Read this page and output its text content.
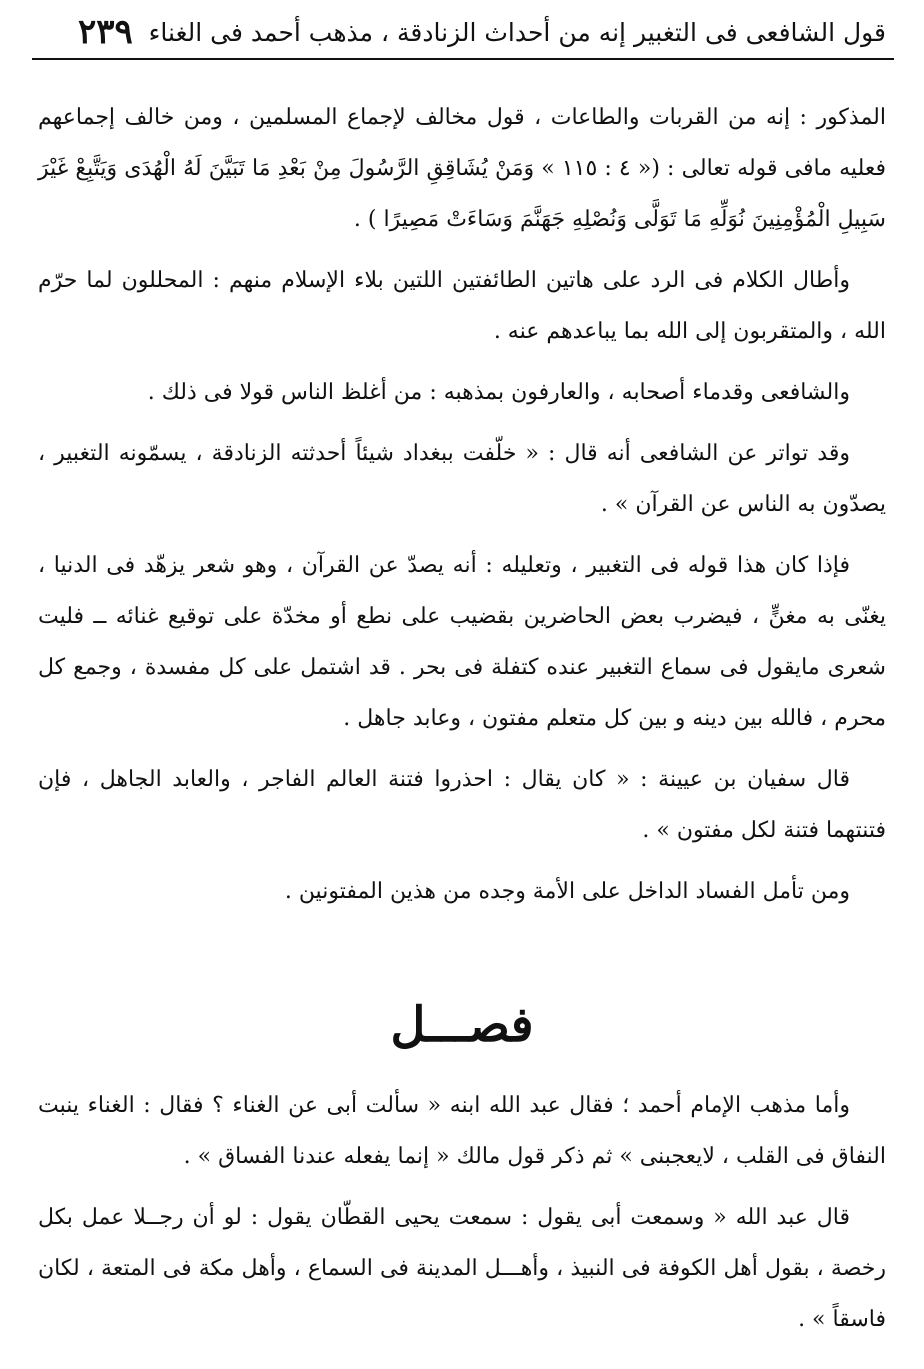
قول الشافعى فى التغبير إنه من أحداث الزنادقة ، مذهب أحمد فى الغناء
٢٣٩

المذكور : إنه من القربات والطاعات ، قول مخالف لإجماع المسلمين ، ومن خالف إجماعهم فعليه مافى قوله تعالى : (« ٤ : ١١٥ » وَمَنْ يُشَاقِقِ الرَّسُولَ مِنْ بَعْدِ مَا تَبَيَّنَ لَهُ الْهُدَى وَيَتَّبِعْ غَيْرَ سَبِيلِ الْمُؤْمِنِينَ نُوَلِّهِ مَا تَوَلَّى وَنُصْلِهِ جَهَنَّمَ وَسَاءَتْ مَصِيرًا ) .

وأطال الكلام فى الرد على هاتين الطائفتين اللتين بلاء الإسلام منهم : المحللون لما حرّم الله ، والمتقربون إلى الله بما يباعدهم عنه .

والشافعى وقدماء أصحابه ، والعارفون بمذهبه : من أغلظ الناس قولا فى ذلك .

وقد تواتر عن الشافعى أنه قال : « خلّفت ببغداد شيئاً أحدثته الزنادقة ، يسمّونه التغبير ، يصدّون به الناس عن القرآن » .

فإذا كان هذا قوله فى التغبير ، وتعليله : أنه يصدّ عن القرآن ، وهو شعر يزهّد فى الدنيا ، يغنّى به مغنٍّ ، فيضرب بعض الحاضرين بقضيب على نطع أو مخدّة على توقيع غنائه ــ فليت شعرى مايقول فى سماع التغبير عنده كتفلة فى بحر . قد اشتمل على كل مفسدة ، وجمع كل محرم ، فالله بين دينه و بين كل متعلم مفتون ، وعابد جاهل .

قال سفيان بن عيينة : « كان يقال : احذروا فتنة العالم الفاجر ، والعابد الجاهل ، فإن فتنتهما فتنة لكل مفتون » .

ومن تأمل الفساد الداخل على الأمة وجده من هذين المفتونين .

فصـــل

وأما مذهب الإمام أحمد ؛ فقال عبد الله ابنه « سألت أبى عن الغناء ؟ فقال : الغناء ينبت النفاق فى القلب ، لايعجبنى » ثم ذكر قول مالك « إنما يفعله عندنا الفساق » .

قال عبد الله « وسمعت أبى يقول : سمعت يحيى القطّان يقول : لو أن رجــلا عمل بكل رخصة ، بقول أهل الكوفة فى النبيذ ، وأهـــل المدينة فى السماع ، وأهل مكة فى المتعة ، لكان فاسقاً » .
